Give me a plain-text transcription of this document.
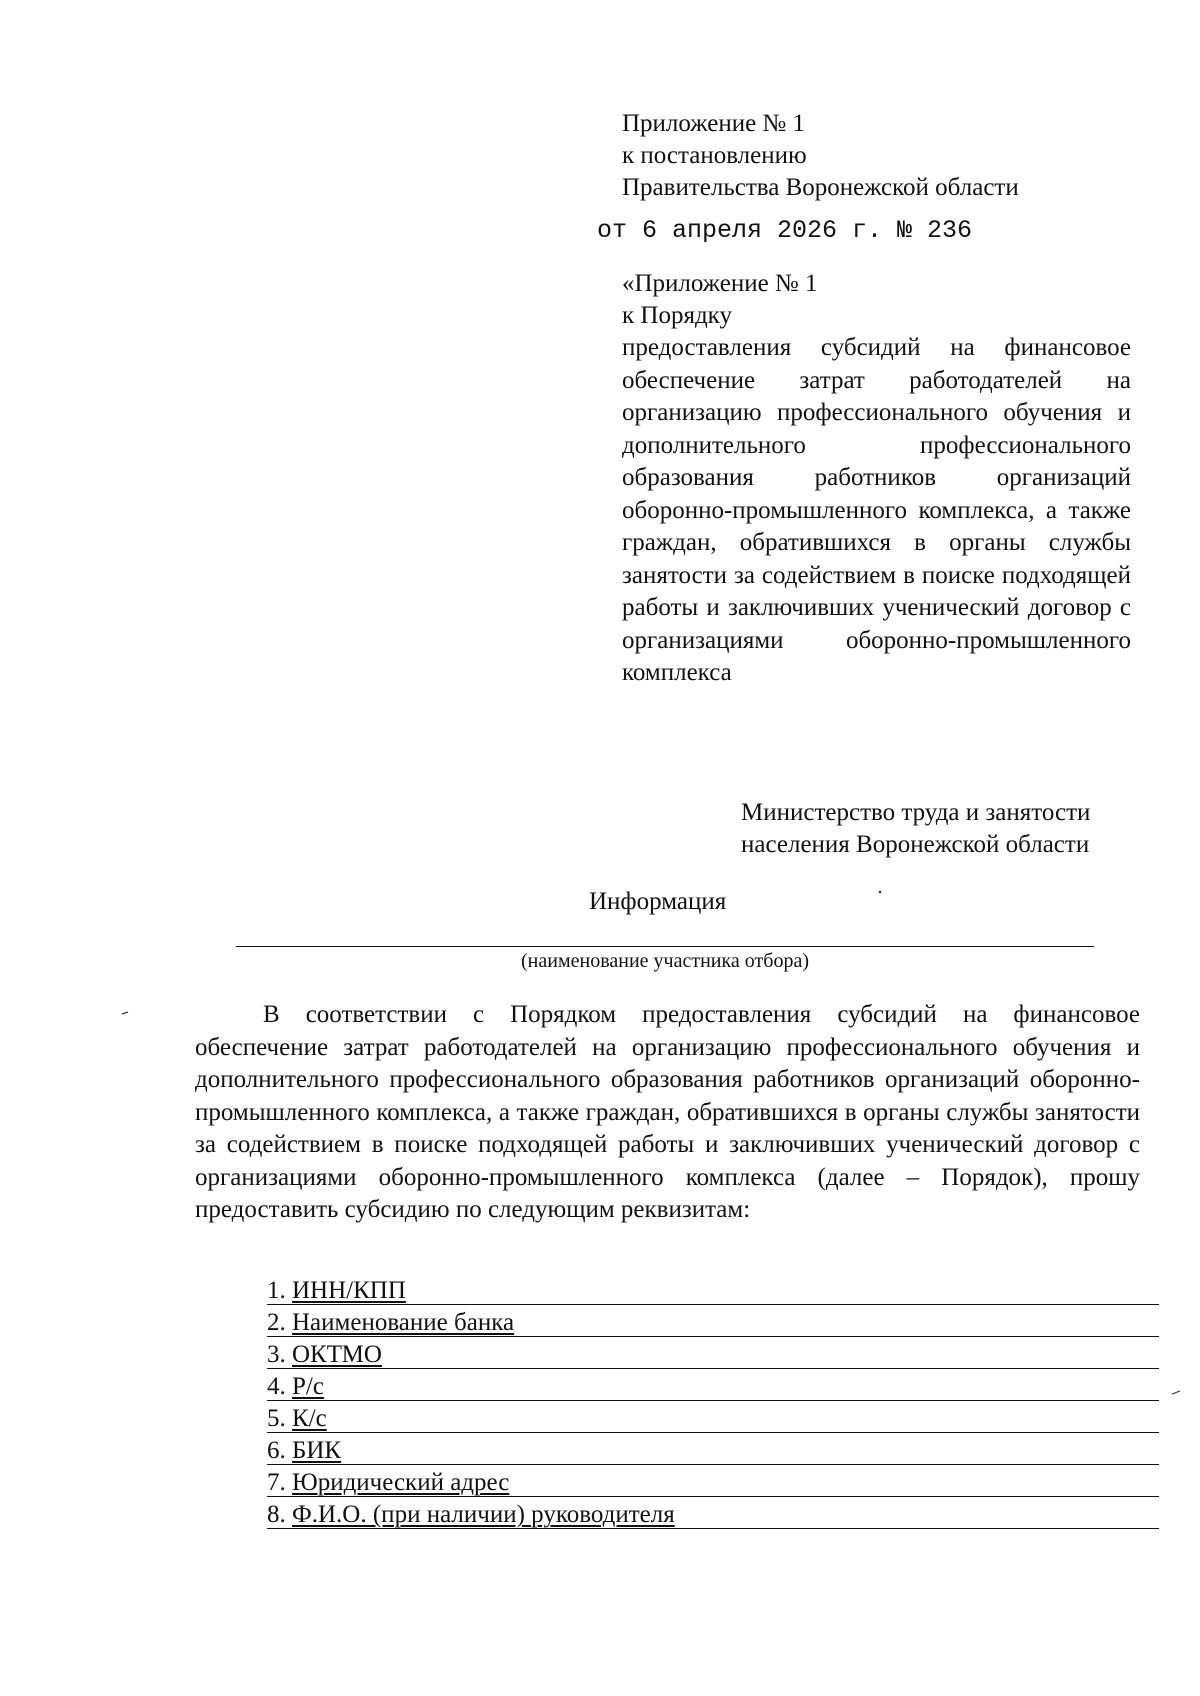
Приложение № 1
к постановлению
Правительства Воронежской области
от 6 апреля 2026 г. № 236
«Приложение № 1
к Порядку
предоставления субсидий на финансовое обеспечение затрат работодателей на организацию профессионального обучения и дополнительного профессионального образования работников организаций оборонно-промышленного комплекса, а также граждан, обратившихся в органы службы занятости за содействием в поиске подходящей работы и заключивших ученический договор с организациями оборонно-промышленного комплекса
Министерство труда и занятости
населения Воронежской области
Информация
(наименование участника отбора)
В соответствии с Порядком предоставления субсидий на финансовое обеспечение затрат работодателей на организацию профессионального обучения и дополнительного профессионального образования работников организаций оборонно-промышленного комплекса, а также граждан, обратившихся в органы службы занятости за содействием в поиске подходящей работы и заключивших ученический договор с организациями оборонно-промышленного комплекса (далее – Порядок), прошу предоставить субсидию по следующим реквизитам:
1. ИНН/КПП
2. Наименование банка
3. ОКТМО
4. Р/с
5. К/с
6. БИК
7. Юридический адрес
8. Ф.И.О. (при наличии) руководителя
